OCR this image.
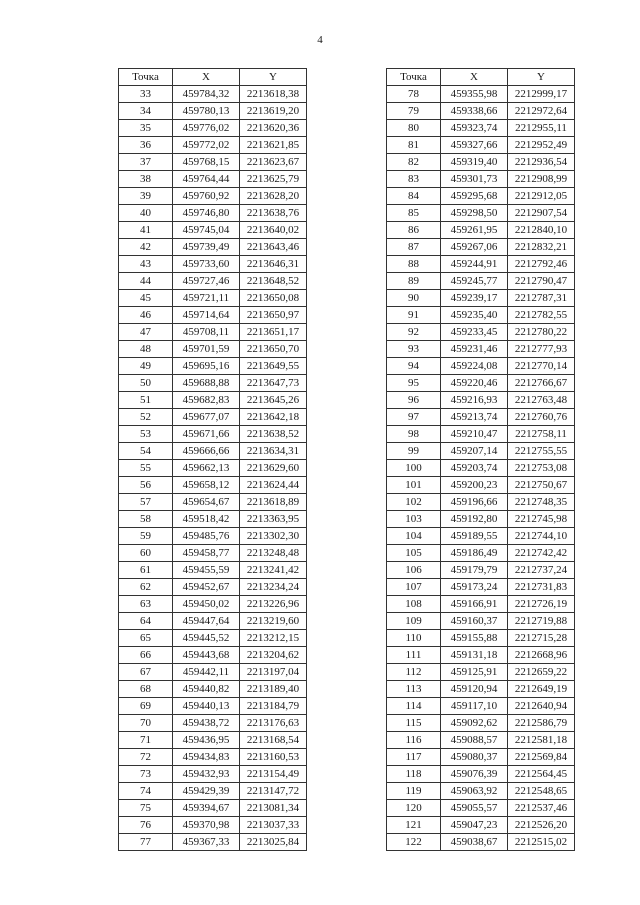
4
Точка	X	Y
33	459784,32	2213618,38
34	459780,13	2213619,20
35	459776,02	2213620,36
36	459772,02	2213621,85
37	459768,15	2213623,67
38	459764,44	2213625,79
39	459760,92	2213628,20
40	459746,80	2213638,76
41	459745,04	2213640,02
42	459739,49	2213643,46
43	459733,60	2213646,31
44	459727,46	2213648,52
45	459721,11	2213650,08
46	459714,64	2213650,97
47	459708,11	2213651,17
48	459701,59	2213650,70
49	459695,16	2213649,55
50	459688,88	2213647,73
51	459682,83	2213645,26
52	459677,07	2213642,18
53	459671,66	2213638,52
54	459666,66	2213634,31
55	459662,13	2213629,60
56	459658,12	2213624,44
57	459654,67	2213618,89
58	459518,42	2213363,95
59	459485,76	2213302,30
60	459458,77	2213248,48
61	459455,59	2213241,42
62	459452,67	2213234,24
63	459450,02	2213226,96
64	459447,64	2213219,60
65	459445,52	2213212,15
66	459443,68	2213204,62
67	459442,11	2213197,04
68	459440,82	2213189,40
69	459440,13	2213184,79
70	459438,72	2213176,63
71	459436,95	2213168,54
72	459434,83	2213160,53
73	459432,93	2213154,49
74	459429,39	2213147,72
75	459394,67	2213081,34
76	459370,98	2213037,33
77	459367,33	2213025,84
Точка	X	Y
78	459355,98	2212999,17
79	459338,66	2212972,64
80	459323,74	2212955,11
81	459327,66	2212952,49
82	459319,40	2212936,54
83	459301,73	2212908,99
84	459295,68	2212912,05
85	459298,50	2212907,54
86	459261,95	2212840,10
87	459267,06	2212832,21
88	459244,91	2212792,46
89	459245,77	2212790,47
90	459239,17	2212787,31
91	459235,40	2212782,55
92	459233,45	2212780,22
93	459231,46	2212777,93
94	459224,08	2212770,14
95	459220,46	2212766,67
96	459216,93	2212763,48
97	459213,74	2212760,76
98	459210,47	2212758,11
99	459207,14	2212755,55
100	459203,74	2212753,08
101	459200,23	2212750,67
102	459196,66	2212748,35
103	459192,80	2212745,98
104	459189,55	2212744,10
105	459186,49	2212742,42
106	459179,79	2212737,24
107	459173,24	2212731,83
108	459166,91	2212726,19
109	459160,37	2212719,88
110	459155,88	2212715,28
111	459131,18	2212668,96
112	459125,91	2212659,22
113	459120,94	2212649,19
114	459117,10	2212640,94
115	459092,62	2212586,79
116	459088,57	2212581,18
117	459080,37	2212569,84
118	459076,39	2212564,45
119	459063,92	2212548,65
120	459055,57	2212537,46
121	459047,23	2212526,20
122	459038,67	2212515,02
